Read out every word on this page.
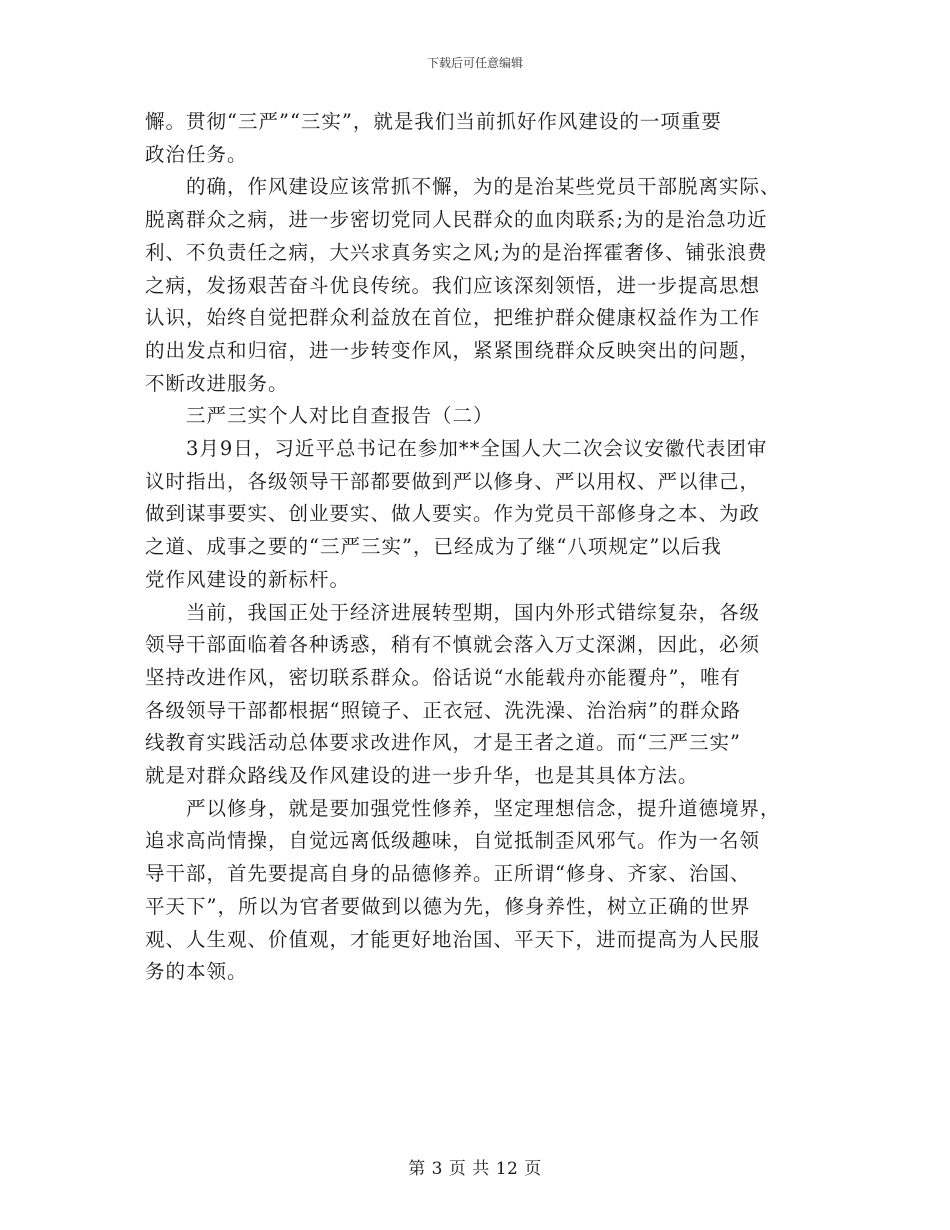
下载后可任意编辑

懈。贯彻“三严”“三实”，就是我们当前抓好作风建设的一项重要
政治任务。

　　的确，作风建设应该常抓不懈，为的是治某些党员干部脱离实际、
脱离群众之病，进一步密切党同人民群众的血肉联系;为的是治急功近
利、不负责任之病，大兴求真务实之风;为的是治挥霍奢侈、铺张浪费
之病，发扬艰苦奋斗优良传统。我们应该深刻领悟，进一步提高思想
认识，始终自觉把群众利益放在首位，把维护群众健康权益作为工作
的出发点和归宿，进一步转变作风，紧紧围绕群众反映突出的问题，
不断改进服务。

　　三严三实个人对比自查报告（二）

　　3月9日，习近平总书记在参加**全国人大二次会议安徽代表团审
议时指出，各级领导干部都要做到严以修身、严以用权、严以律己，
做到谋事要实、创业要实、做人要实。作为党员干部修身之本、为政
之道、成事之要的“三严三实”，已经成为了继“八项规定”以后我
党作风建设的新标杆。

　　当前，我国正处于经济进展转型期，国内外形式错综复杂，各级
领导干部面临着各种诱惑，稍有不慎就会落入万丈深渊，因此，必须
坚持改进作风，密切联系群众。俗话说“水能载舟亦能覆舟”，唯有
各级领导干部都根据“照镜子、正衣冠、洗洗澡、治治病”的群众路
线教育实践活动总体要求改进作风，才是王者之道。而“三严三实”
就是对群众路线及作风建设的进一步升华，也是其具体方法。

　　严以修身，就是要加强党性修养，坚定理想信念，提升道德境界，
追求高尚情操，自觉远离低级趣味，自觉抵制歪风邪气。作为一名领
导干部，首先要提高自身的品德修养。正所谓“修身、齐家、治国、
平天下”，所以为官者要做到以德为先，修身养性，树立正确的世界
观、人生观、价值观，才能更好地治国、平天下，进而提高为人民服
务的本领。

第 3 页 共 12 页
